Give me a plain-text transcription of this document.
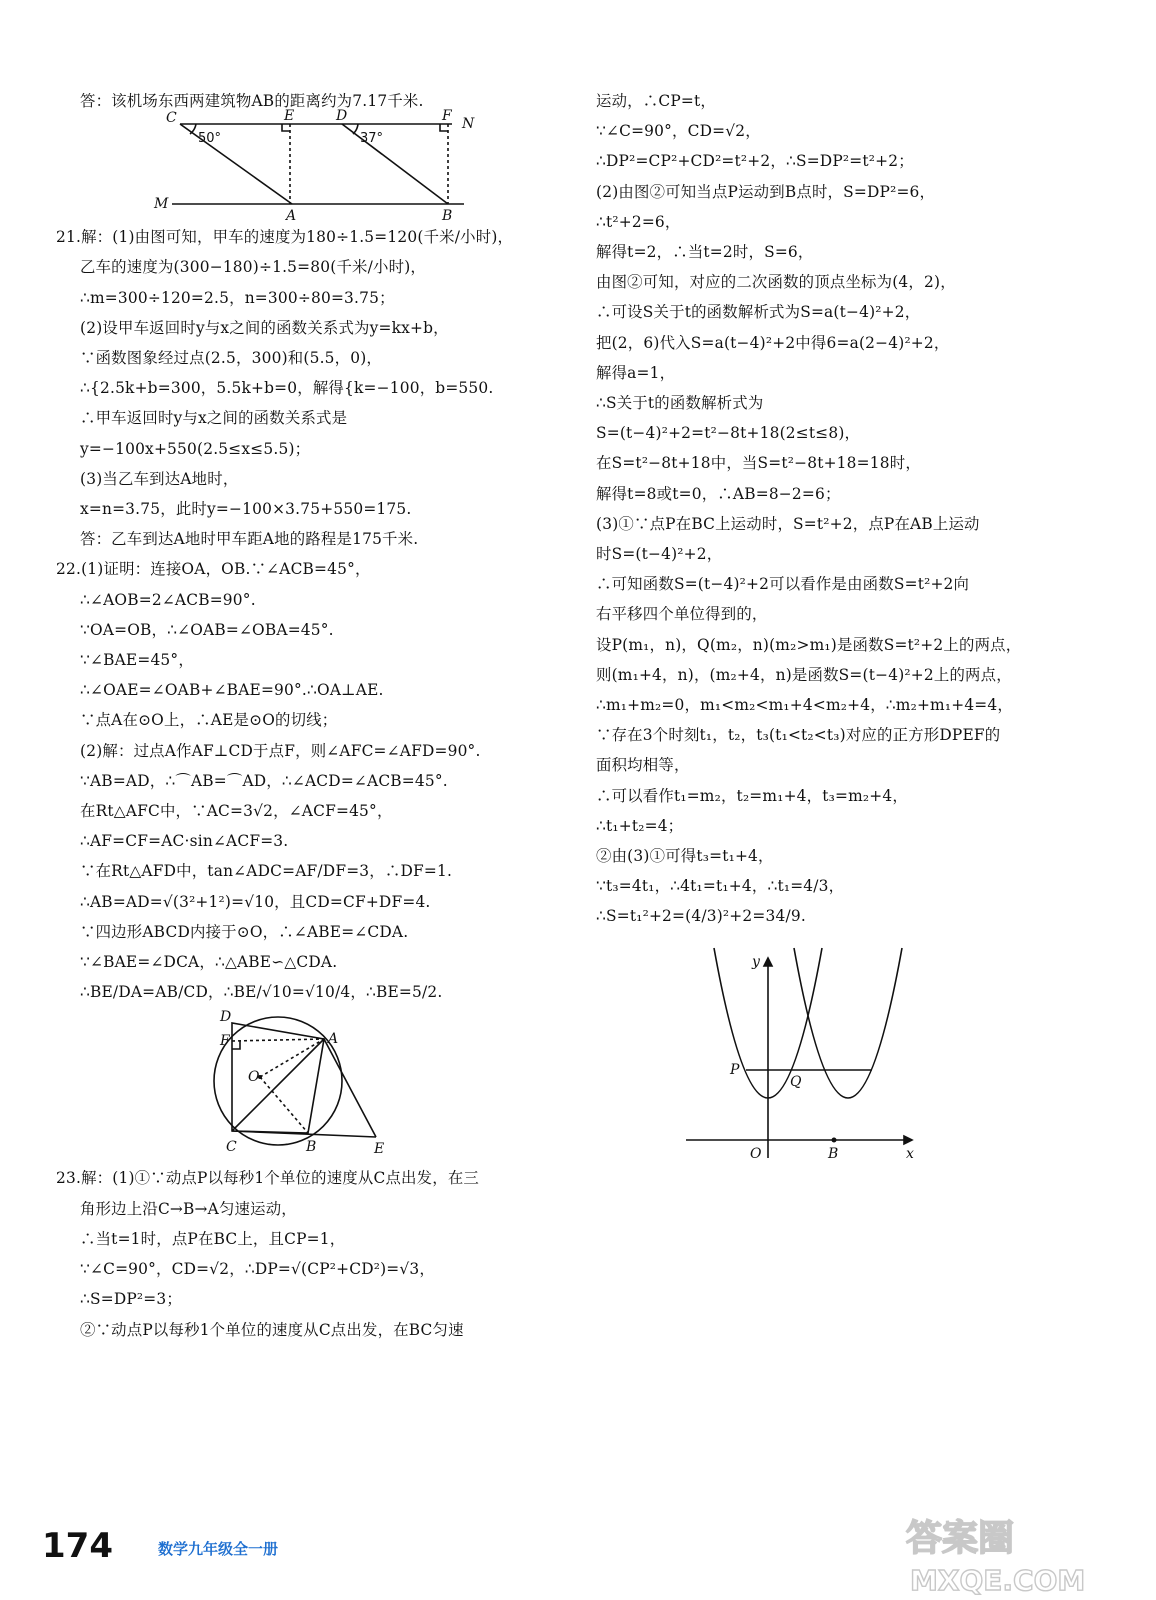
答：该机场东西两建筑物AB的距离约为7.17千米.
C	E	D	F N
M
A	B
50°	37°
21.解：(1)由图可知，甲车的速度为180÷1.5=120(千米/小时)，
乙车的速度为(300−180)÷1.5=80(千米/小时)，
∴m=300÷120=2.5，n=300÷80=3.75；
(2)设甲车返回时y与x之间的函数关系式为y=kx+b，
∵函数图象经过点(2.5，300)和(5.5，0)，
∴{2.5k+b=300，5.5k+b=0，解得{k=−100，b=550.
∴甲车返回时y与x之间的函数关系式是
y=−100x+550(2.5≤x≤5.5)；
(3)当乙车到达A地时，
x=n=3.75，此时y=−100×3.75+550=175.
答：乙车到达A地时甲车距A地的路程是175千米.
22.(1)证明：连接OA，OB.∵∠ACB=45°，
∴∠AOB=2∠ACB=90°.
∵OA=OB，∴∠OAB=∠OBA=45°.
∵∠BAE=45°，
∴∠OAE=∠OAB+∠BAE=90°.∴OA⊥AE.
∵点A在⊙O上，∴AE是⊙O的切线；
(2)解：过点A作AF⊥CD于点F，则∠AFC=∠AFD=90°.
∵AB=AD，∴⌒AB=⌒AD，∴∠ACD=∠ACB=45°.
在Rt△AFC中，∵AC=3√2，∠ACF=45°，
∴AF=CF=AC·sin∠ACF=3.
∵在Rt△AFD中，tan∠ADC=AF/DF=3，∴DF=1.
∴AB=AD=√(3²+1²)=√10，且CD=CF+DF=4.
∵四边形ABCD内接于⊙O，∴∠ABE=∠CDA.
∵∠BAE=∠DCA，∴△ABE∽△CDA.
∴BE/DA=AB/CD，∴BE/√10=√10/4，∴BE=5/2.
D
F	A
O
C	B	E
23.解：(1)①∵动点P以每秒1个单位的速度从C点出发，在三
角形边上沿C→B→A匀速运动，
∴当t=1时，点P在BC上，且CP=1，
∵∠C=90°，CD=√2，∴DP=√(CP²+CD²)=√3，
∴S=DP²=3；
②∵动点P以每秒1个单位的速度从C点出发，在BC匀速
运动，∴CP=t，
∵∠C=90°，CD=√2，
∴DP²=CP²+CD²=t²+2，∴S=DP²=t²+2；
(2)由图②可知当点P运动到B点时，S=DP²=6，
∴t²+2=6，
解得t=2，∴当t=2时，S=6，
由图②可知，对应的二次函数的顶点坐标为(4，2)，
∴可设S关于t的函数解析式为S=a(t−4)²+2，
把(2，6)代入S=a(t−4)²+2中得6=a(2−4)²+2，
解得a=1，
∴S关于t的函数解析式为
S=(t−4)²+2=t²−8t+18(2≤t≤8)，
在S=t²−8t+18中，当S=t²−8t+18=18时，
解得t=8或t=0，∴AB=8−2=6；
(3)①∵点P在BC上运动时，S=t²+2，点P在AB上运动
时S=(t−4)²+2，
∴可知函数S=(t−4)²+2可以看作是由函数S=t²+2向
右平移四个单位得到的，
设P(m₁，n)，Q(m₂，n)(m₂>m₁)是函数S=t²+2上的两点，
则(m₁+4，n)，(m₂+4，n)是函数S=(t−4)²+2上的两点，
∴m₁+m₂=0，m₁<m₂<m₁+4<m₂+4，∴m₂+m₁+4=4，
∵存在3个时刻t₁，t₂，t₃(t₁<t₂<t₃)对应的正方形DPEF的
面积均相等，
∴可以看作t₁=m₂，t₂=m₁+4，t₃=m₂+4，
∴t₁+t₂=4；
②由(3)①可得t₃=t₁+4，
∵t₃=4t₁，∴4t₁=t₁+4，∴t₁=4/3，
∴S=t₁²+2=(4/3)²+2=34/9.
y
x
O	B
P
Q
174	数学九年级全一册	答案圈
MXQE.COM
